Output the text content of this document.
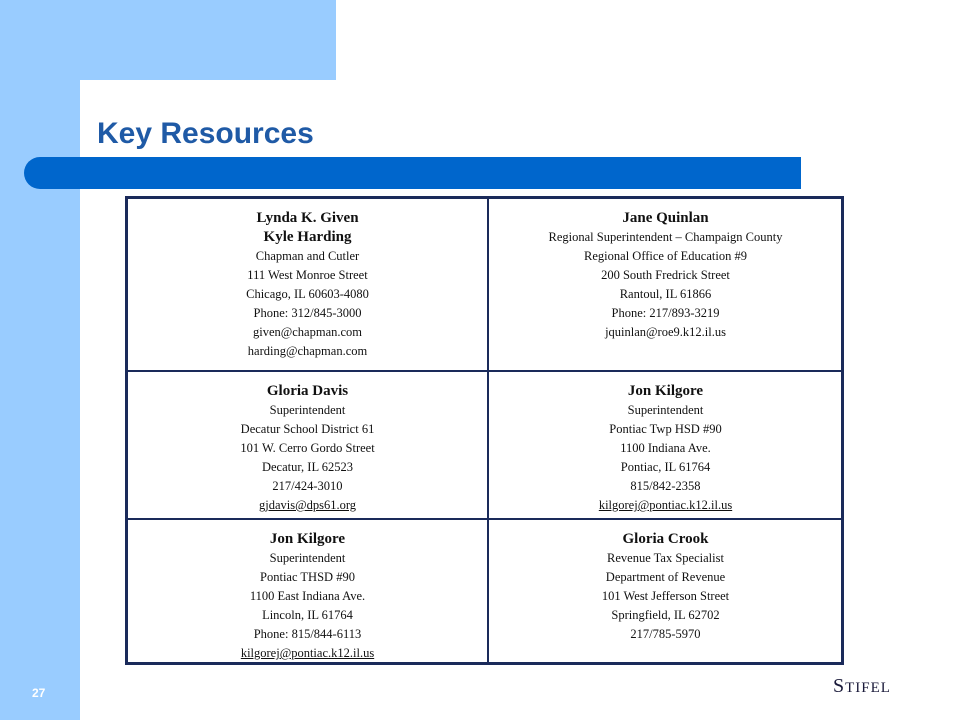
Key Resources
Lynda K. Given
Kyle Harding
Chapman and Cutler
111 West Monroe Street
Chicago, IL 60603-4080
Phone: 312/845-3000
given@chapman.com
harding@chapman.com
Jane Quinlan
Regional Superintendent – Champaign County
Regional Office of Education #9
200 South Fredrick Street
Rantoul, IL 61866
Phone: 217/893-3219
jquinlan@roe9.k12.il.us
Gloria Davis
Superintendent
Decatur School District 61
101 W. Cerro Gordo Street
Decatur, IL 62523
217/424-3010
gjdavis@dps61.org
Jon Kilgore
Superintendent
Pontiac Twp HSD #90
1100 Indiana Ave.
Pontiac, IL 61764
815/842-2358
kilgorej@pontiac.k12.il.us
Jon Kilgore
Superintendent
Pontiac THSD #90
1100 East Indiana Ave.
Lincoln, IL 61764
Phone: 815/844-6113
kilgorej@pontiac.k12.il.us
Gloria Crook
Revenue Tax Specialist
Department of Revenue
101 West Jefferson Street
Springfield, IL 62702
217/785-5970
27	STIFEL
